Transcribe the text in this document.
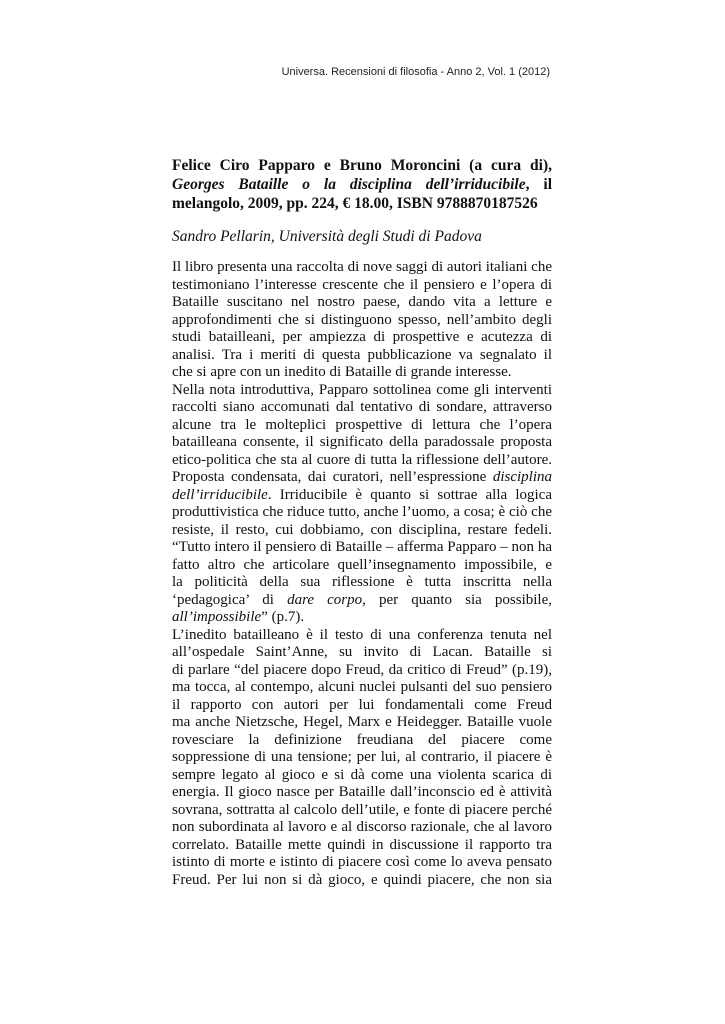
Universa. Recensioni di filosofia - Anno 2, Vol. 1 (2012)
Felice Ciro Papparo e Bruno Moroncini (a cura di), Georges Bataille o la disciplina dell’irriducibile, il melangolo, 2009, pp. 224, € 18.00, ISBN 9788870187526
Sandro Pellarin, Università degli Studi di Padova
Il libro presenta una raccolta di nove saggi di autori italiani che
testimoniano l’interesse crescente che il pensiero e l’opera di
Bataille suscitano nel nostro paese, dando vita a letture e
approfondimenti che si distinguono spesso, nell’ambito degli
studi batailleani, per ampiezza di prospettive e acutezza di
analisi. Tra i meriti di questa pubblicazione va segnalato il
che si apre con un inedito di Bataille di grande interesse.
Nella nota introduttiva, Papparo sottolinea come gli interventi
raccolti siano accomunati dal tentativo di sondare, attraverso
alcune tra le molteplici prospettive di lettura che l’opera
batailleana consente, il significato della paradossale proposta
etico-politica che sta al cuore di tutta la riflessione dell’autore.
Proposta condensata, dai curatori, nell’espressione disciplina
dell’irriducibile. Irriducibile è quanto si sottrae alla logica
produttivistica che riduce tutto, anche l’uomo, a cosa; è ciò che
resiste, il resto, cui dobbiamo, con disciplina, restare fedeli.
“Tutto intero il pensiero di Bataille – afferma Papparo – non ha
fatto altro che articolare quell’insegnamento impossibile, e
la politicità della sua riflessione è tutta inscritta nella
‘pedagogica’ di dare corpo, per quanto sia possibile,
all’impossibile” (p.7).
L’inedito batailleano è il testo di una conferenza tenuta nel
all’ospedale Saint’Anne, su invito di Lacan. Bataille si
di parlare “del piacere dopo Freud, da critico di Freud” (p.19),
ma tocca, al contempo, alcuni nuclei pulsanti del suo pensiero
il rapporto con autori per lui fondamentali come Freud
ma anche Nietzsche, Hegel, Marx e Heidegger. Bataille vuole
rovesciare la definizione freudiana del piacere come
soppressione di una tensione; per lui, al contrario, il piacere è
sempre legato al gioco e si dà come una violenta scarica di
energia. Il gioco nasce per Bataille dall’inconscio ed è attività
sovrana, sottratta al calcolo dell’utile, e fonte di piacere perché
non subordinata al lavoro e al discorso razionale, che al lavoro
correlato. Bataille mette quindi in discussione il rapporto tra
istinto di morte e istinto di piacere così come lo aveva pensato
Freud. Per lui non si dà gioco, e quindi piacere, che non sia
